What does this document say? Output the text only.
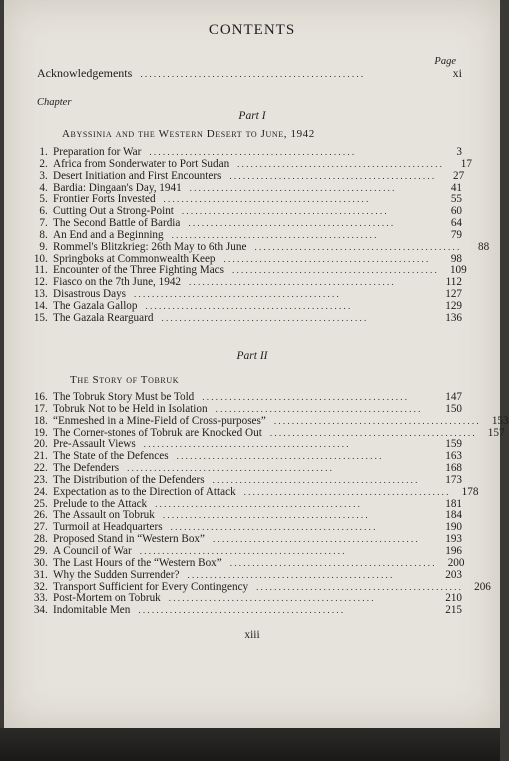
CONTENTS
Page
Acknowledgements . . . . . . . . . . . . . . . . . . . . . . . . . . . . . . . . . . . . . . . . . . . . . . . . . .	xi
Chapter
Part I
Abyssinia and the Western Desert to June, 1942
1 . Preparation for War . . . . . . . . . . . . . . . . . . . . . . . . . . . . . . . . . . . . . . . . . . . . . .	3
2 . Africa from Sonderwater to Port Sudan . . . . . . . . . . . . . . . . . . . . . . . . . . . . . . . . . . . . . . . . . . . . . .	17
3 . Desert Initiation and First Encounters . . . . . . . . . . . . . . . . . . . . . . . . . . . . . . . . . . . . . . . . . . . . . .	27
4 . Bardia: Dingaan's Day, 1941 . . . . . . . . . . . . . . . . . . . . . . . . . . . . . . . . . . . . . . . . . . . . . .	41
5 . Frontier Forts Invested . . . . . . . . . . . . . . . . . . . . . . . . . . . . . . . . . . . . . . . . . . . . . .	55
6 . Cutting Out a Strong-Point . . . . . . . . . . . . . . . . . . . . . . . . . . . . . . . . . . . . . . . . . . . . . .	60
7 . The Second Battle of Bardia . . . . . . . . . . . . . . . . . . . . . . . . . . . . . . . . . . . . . . . . . . . . . .	64
8 . An End and a Beginning . . . . . . . . . . . . . . . . . . . . . . . . . . . . . . . . . . . . . . . . . . . . . .	79
9 . Rommel's Blitzkrieg: 26th May to 6th June . . . . . . . . . . . . . . . . . . . . . . . . . . . . . . . . . . . . . . . . . . . . . .	88
10 . Springboks at Commonwealth Keep . . . . . . . . . . . . . . . . . . . . . . . . . . . . . . . . . . . . . . . . . . . . . .	98
11 . Encounter of the Three Fighting Macs . . . . . . . . . . . . . . . . . . . . . . . . . . . . . . . . . . . . . . . . . . . . . .	109
12 . Fiasco on the 7th June, 1942 . . . . . . . . . . . . . . . . . . . . . . . . . . . . . . . . . . . . . . . . . . . . . .	112
13 . Disastrous Days . . . . . . . . . . . . . . . . . . . . . . . . . . . . . . . . . . . . . . . . . . . . . .	127
14 . The Gazala Gallop . . . . . . . . . . . . . . . . . . . . . . . . . . . . . . . . . . . . . . . . . . . . . .	129
15 . The Gazala Rearguard . . . . . . . . . . . . . . . . . . . . . . . . . . . . . . . . . . . . . . . . . . . . . .	136
Part II
The Story of Tobruk
16 . The Tobruk Story Must be Told . . . . . . . . . . . . . . . . . . . . . . . . . . . . . . . . . . . . . . . . . . . . . .	147
17 . Tobruk Not to be Held in Isolation . . . . . . . . . . . . . . . . . . . . . . . . . . . . . . . . . . . . . . . . . . . . . .	150
18 . “Enmeshed in a Mine-Field of Cross-purposes” . . . . . . . . . . . . . . . . . . . . . . . . . . . . . . . . . . . . . . . . . . . . . .	153
19 . The Corner-stones of Tobruk are Knocked Out . . . . . . . . . . . . . . . . . . . . . . . . . . . . . . . . . . . . . . . . . . . . . .	157
20 . Pre-Assault Views . . . . . . . . . . . . . . . . . . . . . . . . . . . . . . . . . . . . . . . . . . . . . .	159
21 . The State of the Defences . . . . . . . . . . . . . . . . . . . . . . . . . . . . . . . . . . . . . . . . . . . . . .	163
22 . The Defenders . . . . . . . . . . . . . . . . . . . . . . . . . . . . . . . . . . . . . . . . . . . . . .	168
23 . The Distribution of the Defenders . . . . . . . . . . . . . . . . . . . . . . . . . . . . . . . . . . . . . . . . . . . . . .	173
24 . Expectation as to the Direction of Attack . . . . . . . . . . . . . . . . . . . . . . . . . . . . . . . . . . . . . . . . . . . . . .	178
25 . Prelude to the Attack . . . . . . . . . . . . . . . . . . . . . . . . . . . . . . . . . . . . . . . . . . . . . .	181
26 . The Assault on Tobruk . . . . . . . . . . . . . . . . . . . . . . . . . . . . . . . . . . . . . . . . . . . . . .	184
27 . Turmoil at Headquarters . . . . . . . . . . . . . . . . . . . . . . . . . . . . . . . . . . . . . . . . . . . . . .	190
28 . Proposed Stand in “Western Box” . . . . . . . . . . . . . . . . . . . . . . . . . . . . . . . . . . . . . . . . . . . . . .	193
29 . A Council of War . . . . . . . . . . . . . . . . . . . . . . . . . . . . . . . . . . . . . . . . . . . . . .	196
30 . The Last Hours of the “Western Box” . . . . . . . . . . . . . . . . . . . . . . . . . . . . . . . . . . . . . . . . . . . . . .	200
31 . Why the Sudden Surrender? . . . . . . . . . . . . . . . . . . . . . . . . . . . . . . . . . . . . . . . . . . . . . .	203
32 . Transport Sufficient for Every Contingency . . . . . . . . . . . . . . . . . . . . . . . . . . . . . . . . . . . . . . . . . . . . . .	206
33 . Post-Mortem on Tobruk . . . . . . . . . . . . . . . . . . . . . . . . . . . . . . . . . . . . . . . . . . . . . .	210
34 . Indomitable Men . . . . . . . . . . . . . . . . . . . . . . . . . . . . . . . . . . . . . . . . . . . . . .	215
xiii
